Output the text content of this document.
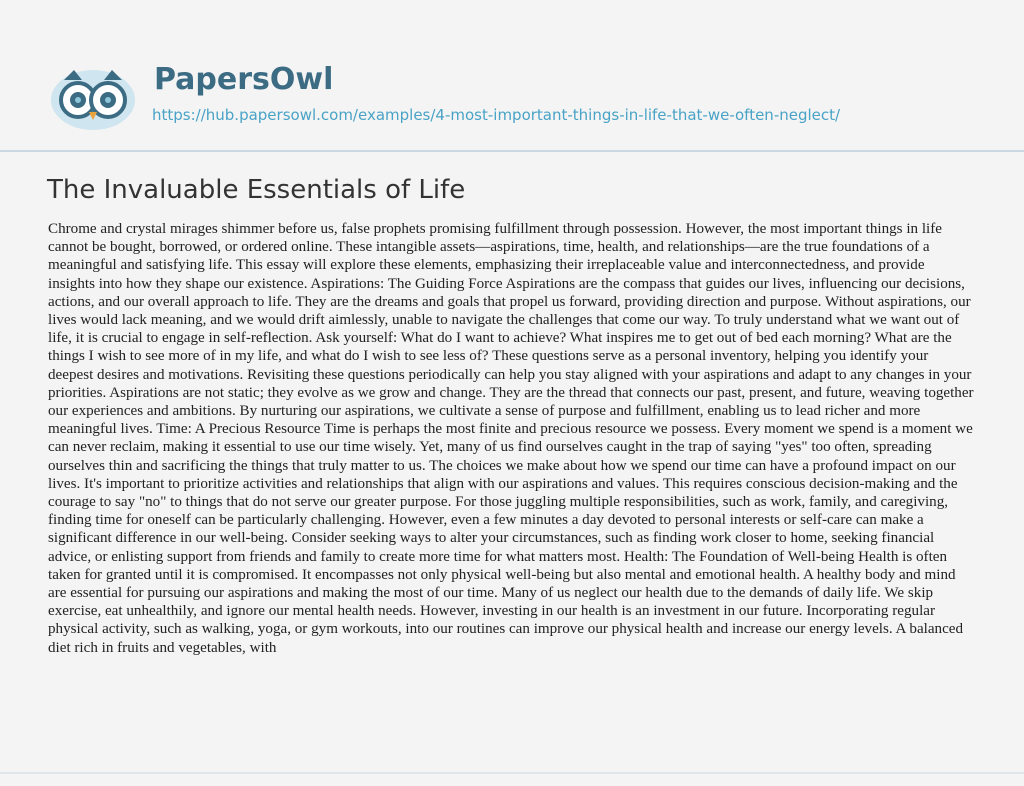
PapersOwl
https://hub.papersowl.com/examples/4-most-important-things-in-life-that-we-often-neglect/
The Invaluable Essentials of Life

Chrome and crystal mirages shimmer before us, false prophets promising fulfillment through possession. However, the most important things in life cannot be bought, borrowed, or ordered online. These intangible assets—aspirations, time, health, and relationships—are the true foundations of a meaningful and satisfying life. This essay will explore these elements, emphasizing their irreplaceable value and interconnectedness, and provide insights into how they shape our existence. Aspirations: The Guiding Force Aspirations are the compass that guides our lives, influencing our decisions, actions, and our overall approach to life. They are the dreams and goals that propel us forward, providing direction and purpose. Without aspirations, our lives would lack meaning, and we would drift aimlessly, unable to navigate the challenges that come our way. To truly understand what we want out of life, it is crucial to engage in self-reflection. Ask yourself: What do I want to achieve? What inspires me to get out of bed each morning? What are the things I wish to see more of in my life, and what do I wish to see less of? These questions serve as a personal inventory, helping you identify your deepest desires and motivations. Revisiting these questions periodically can help you stay aligned with your aspirations and adapt to any changes in your priorities. Aspirations are not static; they evolve as we grow and change. They are the thread that connects our past, present, and future, weaving together our experiences and ambitions. By nurturing our aspirations, we cultivate a sense of purpose and fulfillment, enabling us to lead richer and more meaningful lives. Time: A Precious Resource Time is perhaps the most finite and precious resource we possess. Every moment we spend is a moment we can never reclaim, making it essential to use our time wisely. Yet, many of us find ourselves caught in the trap of saying "yes" too often, spreading ourselves thin and sacrificing the things that truly matter to us. The choices we make about how we spend our time can have a profound impact on our lives. It's important to prioritize activities and relationships that align with our aspirations and values. This requires conscious decision-making and the courage to say "no" to things that do not serve our greater purpose. For those juggling multiple responsibilities, such as work, family, and caregiving, finding time for oneself can be particularly challenging. However, even a few minutes a day devoted to personal interests or self-care can make a significant difference in our well-being. Consider seeking ways to alter your circumstances, such as finding work closer to home, seeking financial advice, or enlisting support from friends and family to create more time for what matters most. Health: The Foundation of Well-being Health is often taken for granted until it is compromised. It encompasses not only physical well-being but also mental and emotional health. A healthy body and mind are essential for pursuing our aspirations and making the most of our time. Many of us neglect our health due to the demands of daily life. We skip exercise, eat unhealthily, and ignore our mental health needs. However, investing in our health is an investment in our future. Incorporating regular physical activity, such as walking, yoga, or gym workouts, into our routines can improve our physical health and increase our energy levels. A balanced diet rich in fruits and vegetables, with
